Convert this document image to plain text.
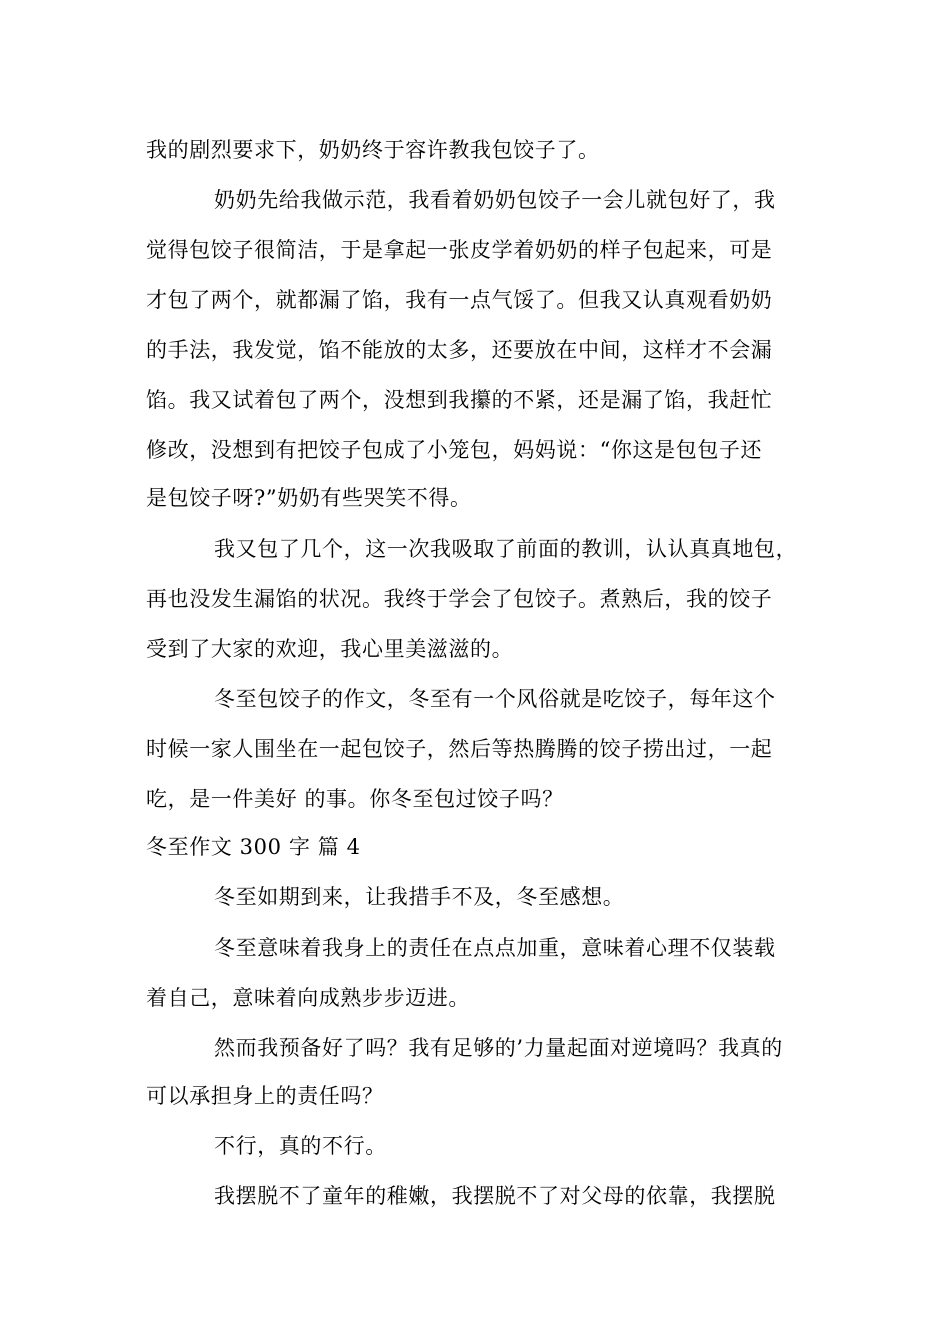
我的剧烈要求下，奶奶终于容许教我包饺子了。
奶奶先给我做示范，我看着奶奶包饺子一会儿就包好了，我
觉得包饺子很简洁，于是拿起一张皮学着奶奶的样子包起来，可是
才包了两个，就都漏了馅，我有一点气馁了。但我又认真观看奶奶
的手法，我发觉，馅不能放的太多，还要放在中间，这样才不会漏
馅。我又试着包了两个，没想到我攥的不紧，还是漏了馅，我赶忙
修改，没想到有把饺子包成了小笼包，妈妈说：“你这是包包子还
是包饺子呀?”奶奶有些哭笑不得。
我又包了几个，这一次我吸取了前面的教训，认认真真地包，
再也没发生漏馅的状况。我终于学会了包饺子。煮熟后，我的饺子
受到了大家的欢迎，我心里美滋滋的。
冬至包饺子的作文，冬至有一个风俗就是吃饺子，每年这个
时候一家人围坐在一起包饺子，然后等热腾腾的饺子捞出过，一起
吃，是一件美好 的事。你冬至包过饺子吗？
冬至作文 300 字 篇 4
冬至如期到来，让我措手不及，冬至感想。
冬至意味着我身上的责任在点点加重，意味着心理不仅装载
着自己，意味着向成熟步步迈进。
然而我预备好了吗？我有足够的’力量起面对逆境吗？我真的
可以承担身上的责任吗？
不行，真的不行。
我摆脱不了童年的稚嫩，我摆脱不了对父母的依靠，我摆脱
